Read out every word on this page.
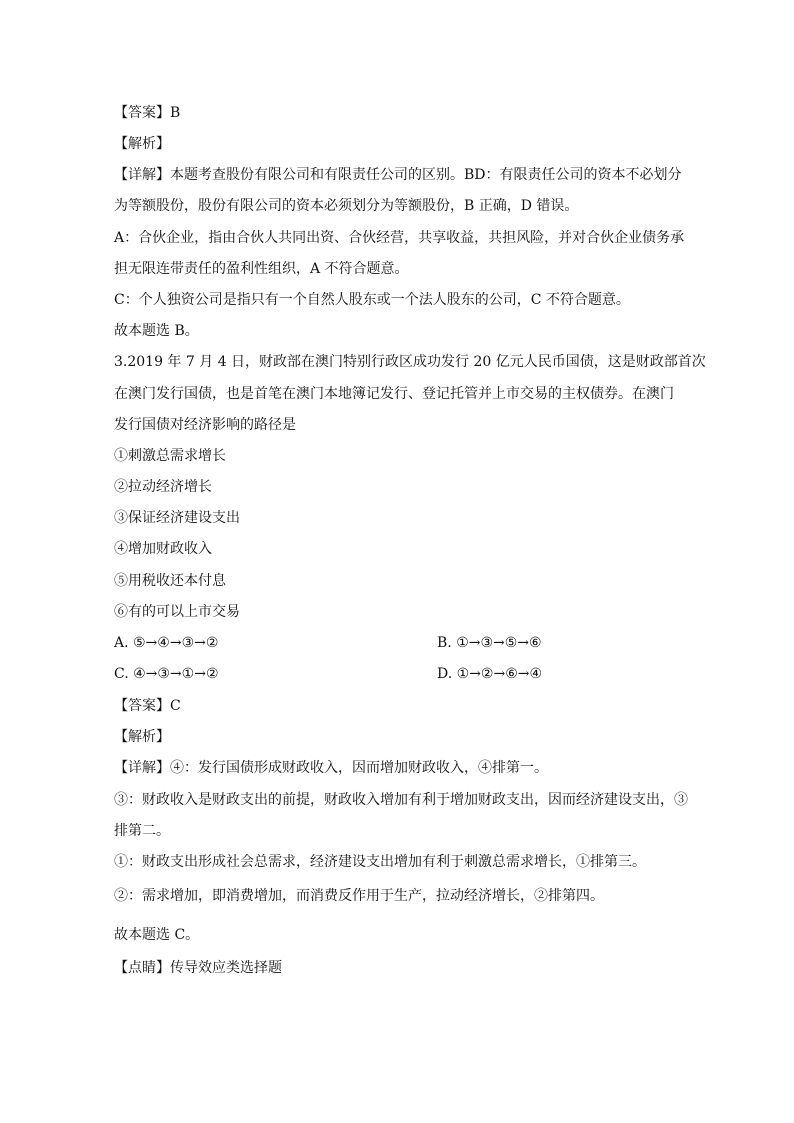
【答案】B
【解析】
【详解】本题考查股份有限公司和有限责任公司的区别。BD：有限责任公司的资本不必划分
为等额股份，股份有限公司的资本必须划分为等额股份，B 正确，D 错误。
A：合伙企业，指由合伙人共同出资、合伙经营，共享收益，共担风险，并对合伙企业债务承
担无限连带责任的盈利性组织，A 不符合题意。
C：个人独资公司是指只有一个自然人股东或一个法人股东的公司，C 不符合题意。
故本题选 B。
3.2019 年 7 月 4 日，财政部在澳门特别行政区成功发行 20 亿元人民币国债，这是财政部首次
在澳门发行国债，也是首笔在澳门本地簿记发行、登记托管并上市交易的主权债券。在澳门
发行国债对经济影响的路径是
①刺激总需求增长
②拉动经济增长
③保证经济建设支出
④增加财政收入
⑤用税收还本付息
⑥有的可以上市交易
A. ⑤→④→③→②	B. ①→③→⑤→⑥
C. ④→③→①→②	D. ①→②→⑥→④
【答案】C
【解析】
【详解】④：发行国债形成财政收入，因而增加财政收入，④排第一。
③：财政收入是财政支出的前提，财政收入增加有利于增加财政支出，因而经济建设支出，③
排第二。
①：财政支出形成社会总需求，经济建设支出增加有利于刺激总需求增长，①排第三。
②：需求增加，即消费增加，而消费反作用于生产，拉动经济增长，②排第四。
故本题选 C。
【点睛】传导效应类选择题
